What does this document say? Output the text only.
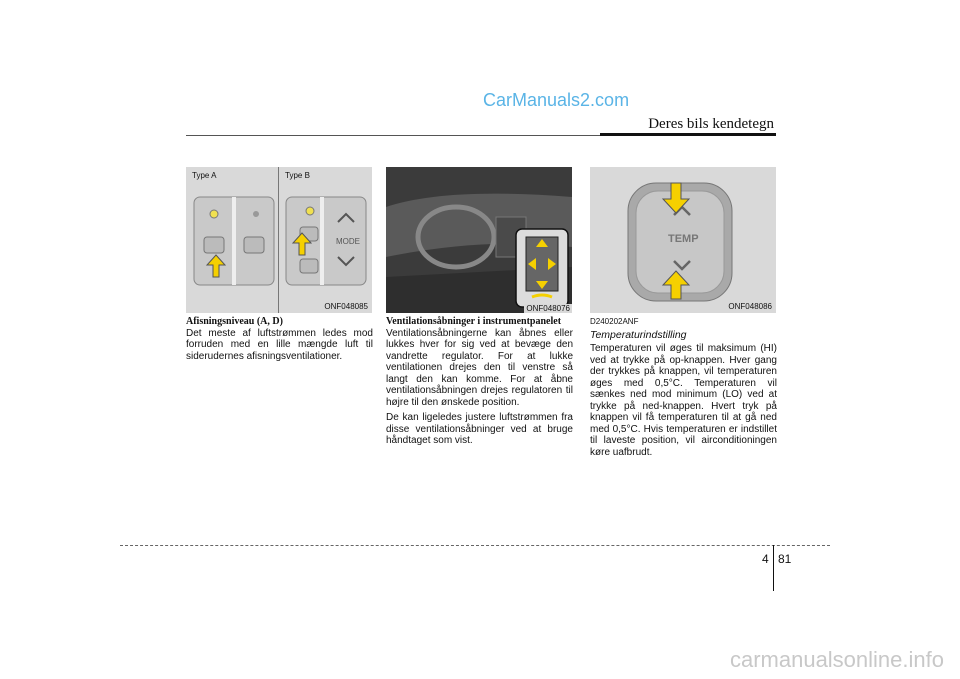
CarManuals2.com
Deres bils kendetegn
Type A	Type B
MODE
ONF048085	ONF048076
TEMP
ONF048086
Afisningsniveau (A, D)

Det meste af luftstrømmen ledes mod forruden med en lille mængde luft til siderudernes afisningsventilationer.

Ventilationsåbninger i instrumentpanelet

Ventilationsåbningerne kan åbnes eller lukkes hver for sig ved at bevæge den vandrette regulator. For at lukke ventilationen drejes den til venstre så langt den kan komme. For at åbne ventilationsåbningen drejes regulatoren til højre til den ønskede position.

De kan ligeledes justere luftstrømmen fra disse ventilationsåbninger ved at bruge håndtaget som vist.

D240202ANF
Temperaturindstilling

Temperaturen vil øges til maksimum (HI) ved at trykke på op-knappen. Hver gang der trykkes på knappen, vil temperaturen øges med 0,5°C. Temperaturen vil sænkes ned mod minimum (LO) ved at trykke på ned-knappen. Hvert tryk på knappen vil få temperaturen til at gå ned med 0,5°C. Hvis temperaturen er indstillet til laveste position, vil airconditioningen køre uafbrudt.

4 81
carmanualsonline.info
